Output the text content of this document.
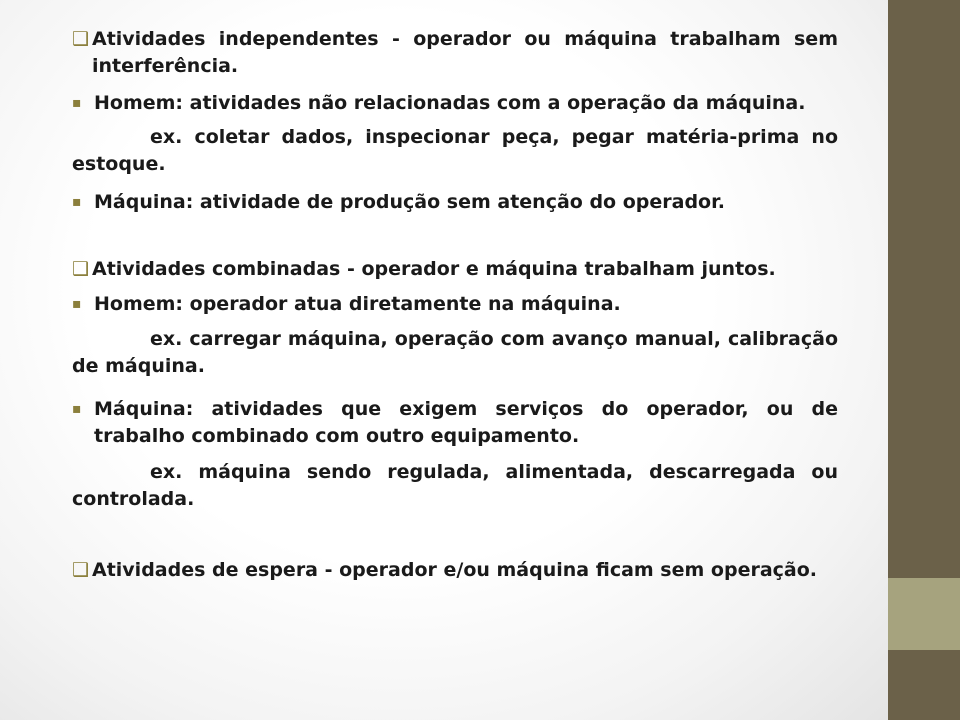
❑ Atividades independentes - operador ou máquina trabalham sem interferência.
▪ Homem: atividades não relacionadas com a operação da máquina.
ex. coletar dados, inspecionar peça, pegar matéria-prima no estoque.
▪ Máquina: atividade de produção sem atenção do operador.
❑ Atividades combinadas - operador e máquina trabalham juntos.
▪ Homem: operador atua diretamente na máquina.
ex. carregar máquina, operação com avanço manual, calibração de máquina.
▪ Máquina: atividades que exigem serviços do operador, ou de trabalho combinado com outro equipamento.
ex. máquina sendo regulada, alimentada, descarregada ou controlada.
❑ Atividades de espera - operador e/ou máquina ficam sem operação.
